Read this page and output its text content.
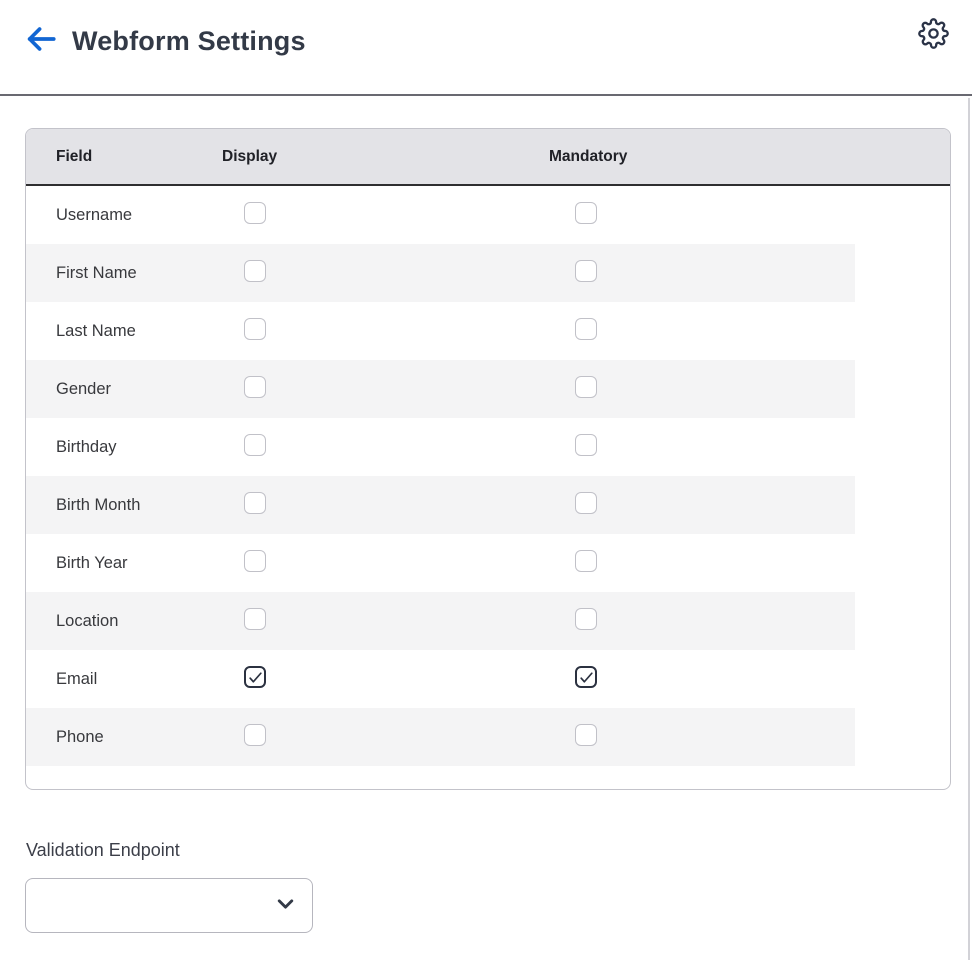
Webform Settings
Field	Display	Mandatory
Username
First Name
Last Name
Gender
Birthday
Birth Month
Birth Year
Location
Email
Phone
Validation Endpoint
